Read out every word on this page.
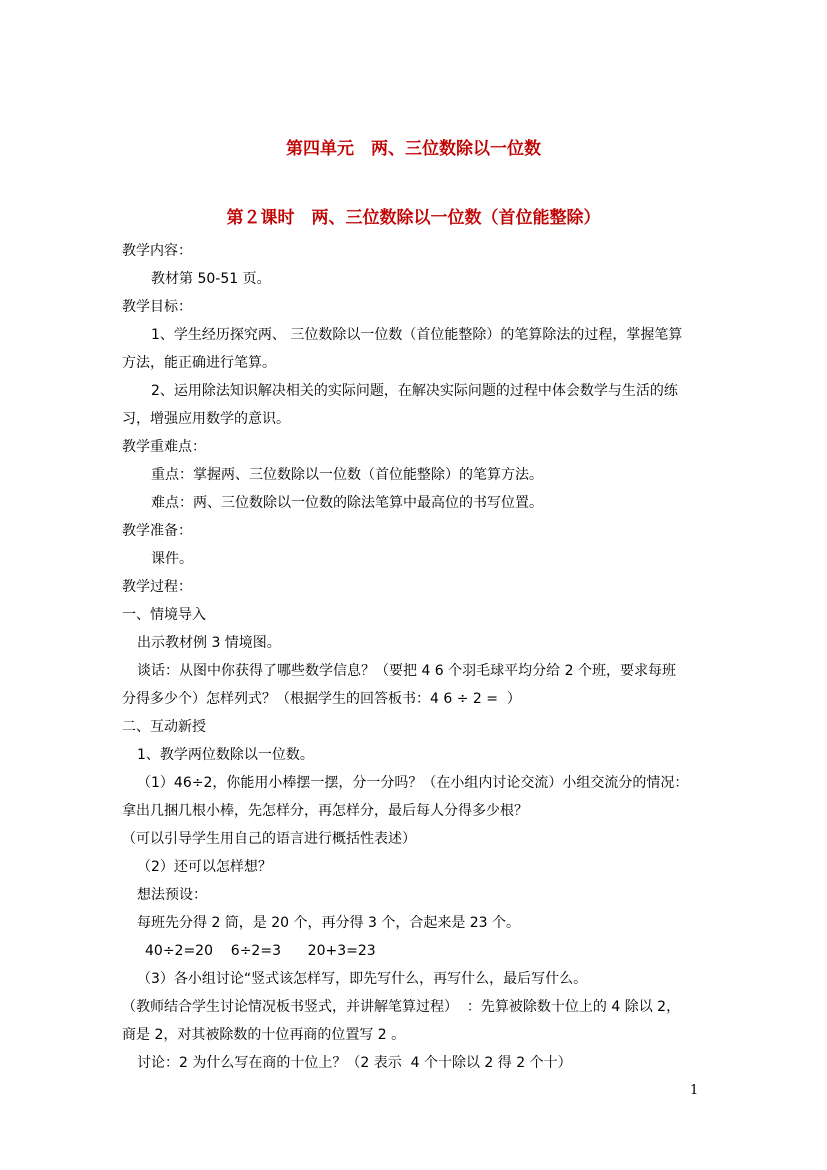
第四单元　两、三位数除以一位数
第２课时　两、三位数除以一位数（首位能整除）
教学内容：
教材第 50-51 页。
教学目标：
1、学生经历探究两、 三位数除以一位数（首位能整除）的笔算除法的过程，掌握笔算
方法，能正确进行笔算。
2、运用除法知识解决相关的实际问题，在解决实际问题的过程中体会数学与生活的练
习，增强应用数学的意识。
教学重难点：
重点：掌握两、三位数除以一位数（首位能整除）的笔算方法。
难点：两、三位数除以一位数的除法笔算中最高位的书写位置。
教学准备：
课件。
教学过程：
一、情境导入
出示教材例 3 情境图。
谈话：从图中你获得了哪些数学信息？（要把 4 6 个羽毛球平均分给 2 个班，要求每班
分得多少个）怎样列式？（根据学生的回答板书：4 6 ÷ 2 =  ）
二、互动新授
1、教学两位数除以一位数。
（1）46÷2，你能用小棒摆一摆，分一分吗？（在小组内讨论交流）小组交流分的情况：
拿出几捆几根小棒，先怎样分，再怎样分，最后每人分得多少根？
（可以引导学生用自己的语言进行概括性表述）
（2）还可以怎样想？
想法预设：
每班先分得 2 筒，是 20 个，再分得 3 个，合起来是 23 个。
40÷2=20    6÷2=3      20+3=23
（3）各小组讨论“竖式该怎样写，即先写什么，再写什么，最后写什么。
（教师结合学生讨论情况板书竖式，并讲解笔算过程）  ：先算被除数十位上的 4 除以 2，
商是 2，对其被除数的十位再商的位置写 2 。
讨论：2 为什么写在商的十位上？（2 表示  4 个十除以 2 得 2 个十）
1
